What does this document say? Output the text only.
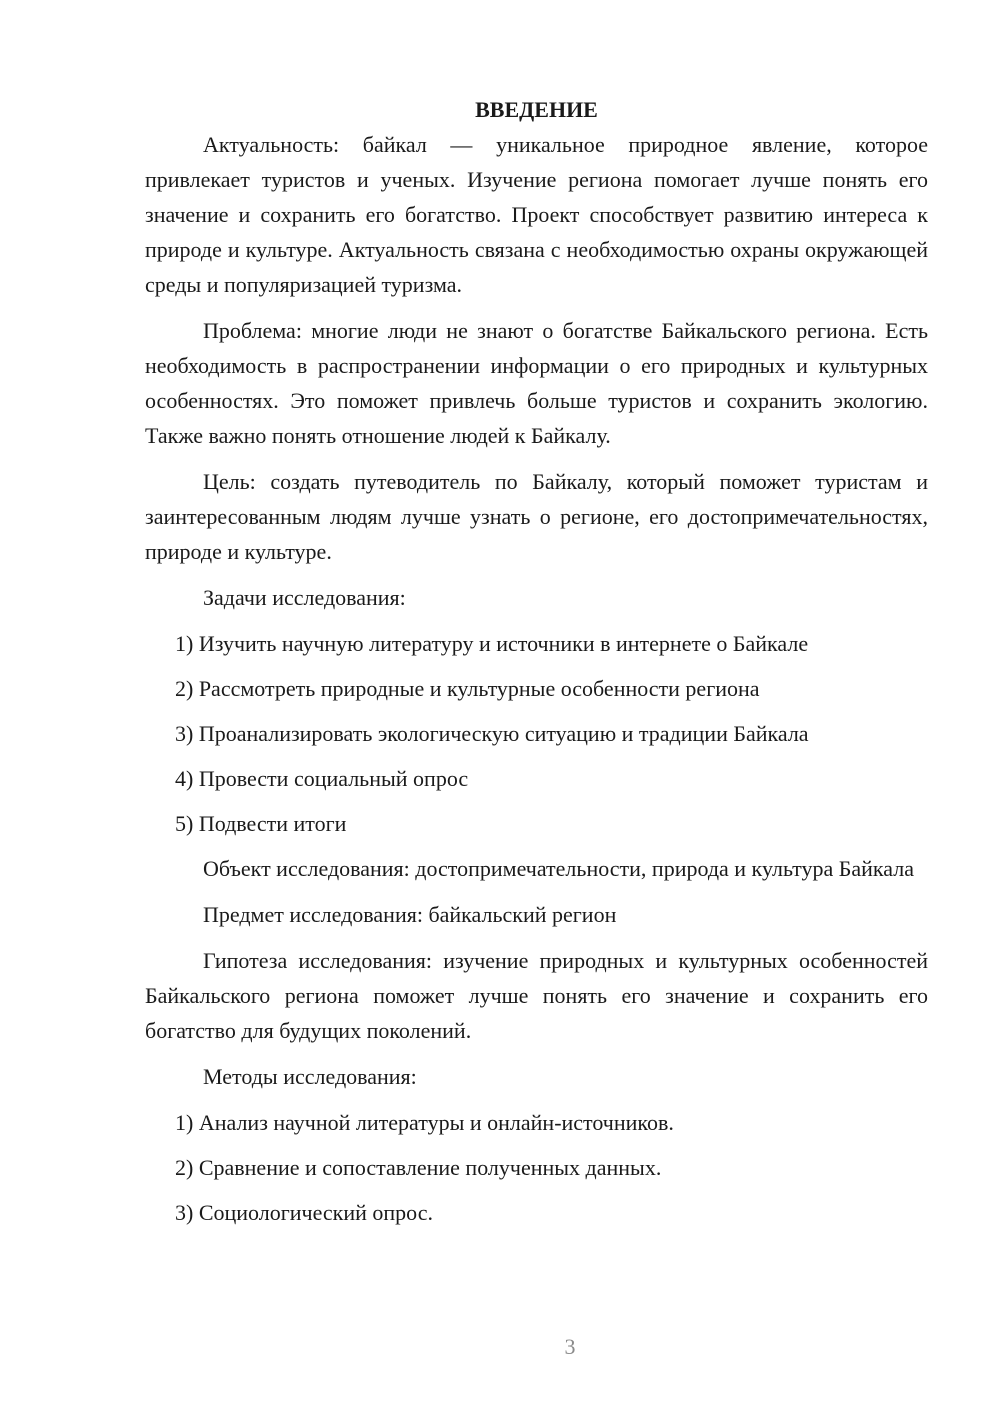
ВВЕДЕНИЕ

Актуальность: байкал — уникальное природное явление, которое привлекает туристов и ученых. Изучение региона помогает лучше понять его значение и сохранить его богатство. Проект способствует развитию интереса к природе и культуре. Актуальность связана с необходимостью охраны окружающей среды и популяризацией туризма.

Проблема: многие люди не знают о богатстве Байкальского региона. Есть необходимость в распространении информации о его природных и культурных особенностях. Это поможет привлечь больше туристов и сохранить экологию. Также важно понять отношение людей к Байкалу.

Цель: создать путеводитель по Байкалу, который поможет туристам и заинтересованным людям лучше узнать о регионе, его достопримечательностях, природе и культуре.

Задачи исследования:

1) Изучить научную литературу и источники в интернете о Байкале

2) Рассмотреть природные и культурные особенности региона

3) Проанализировать экологическую ситуацию и традиции Байкала

4) Провести социальный опрос

5) Подвести итоги

Объект исследования: достопримечательности, природа и культура Байкала

Предмет исследования: байкальский регион

Гипотеза исследования: изучение природных и культурных особенностей Байкальского региона поможет лучше понять его значение и сохранить его богатство для будущих поколений.

Методы исследования:

1) Анализ научной литературы и онлайн-источников.

2) Сравнение и сопоставление полученных данных.

3) Социологический опрос.

3
